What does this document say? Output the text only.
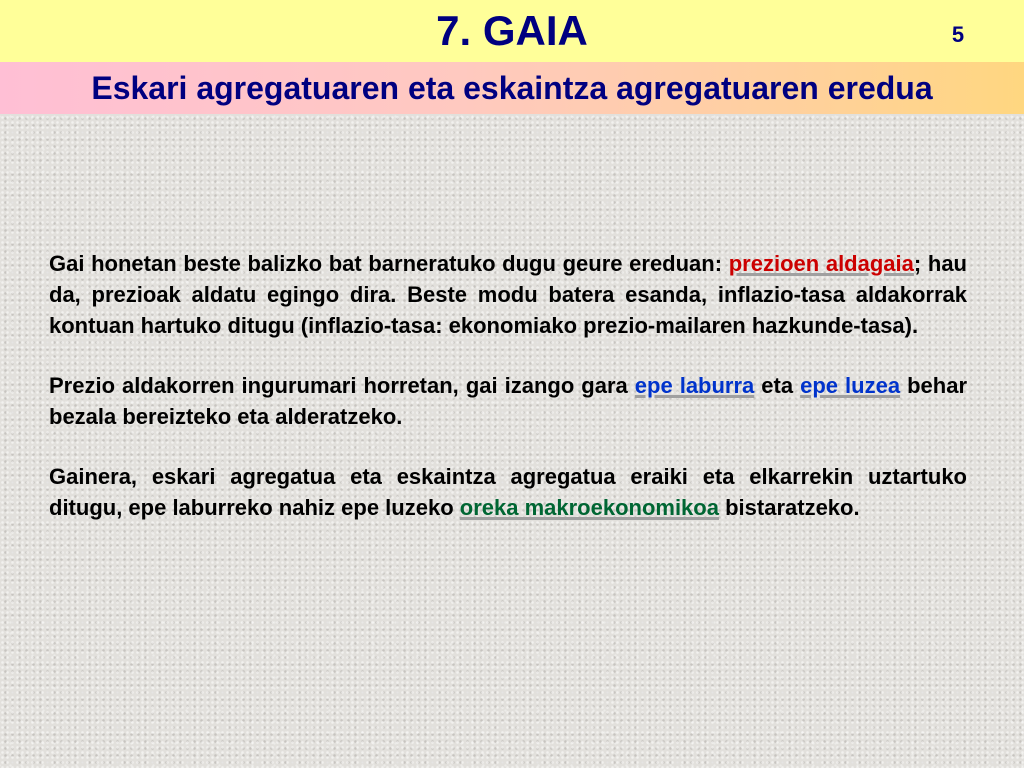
7. GAIA	5
Eskari agregatuaren eta eskaintza agregatuaren eredua

Gai honetan beste balizko bat barneratuko dugu geure ereduan: prezioen aldagaia; hau da, prezioak aldatu egingo dira. Beste modu batera esanda, inflazio-tasa aldakorrak kontuan hartuko ditugu (inflazio-tasa: ekonomiako prezio-mailaren hazkunde-tasa).

Prezio aldakorren ingurumari horretan, gai izango gara epe laburra eta epe luzea behar bezala bereizteko eta alderatzeko.

Gainera, eskari agregatua eta eskaintza agregatua eraiki eta elkarrekin uztartuko ditugu, epe laburreko nahiz epe luzeko oreka makroekonomikoa bistaratzeko.
